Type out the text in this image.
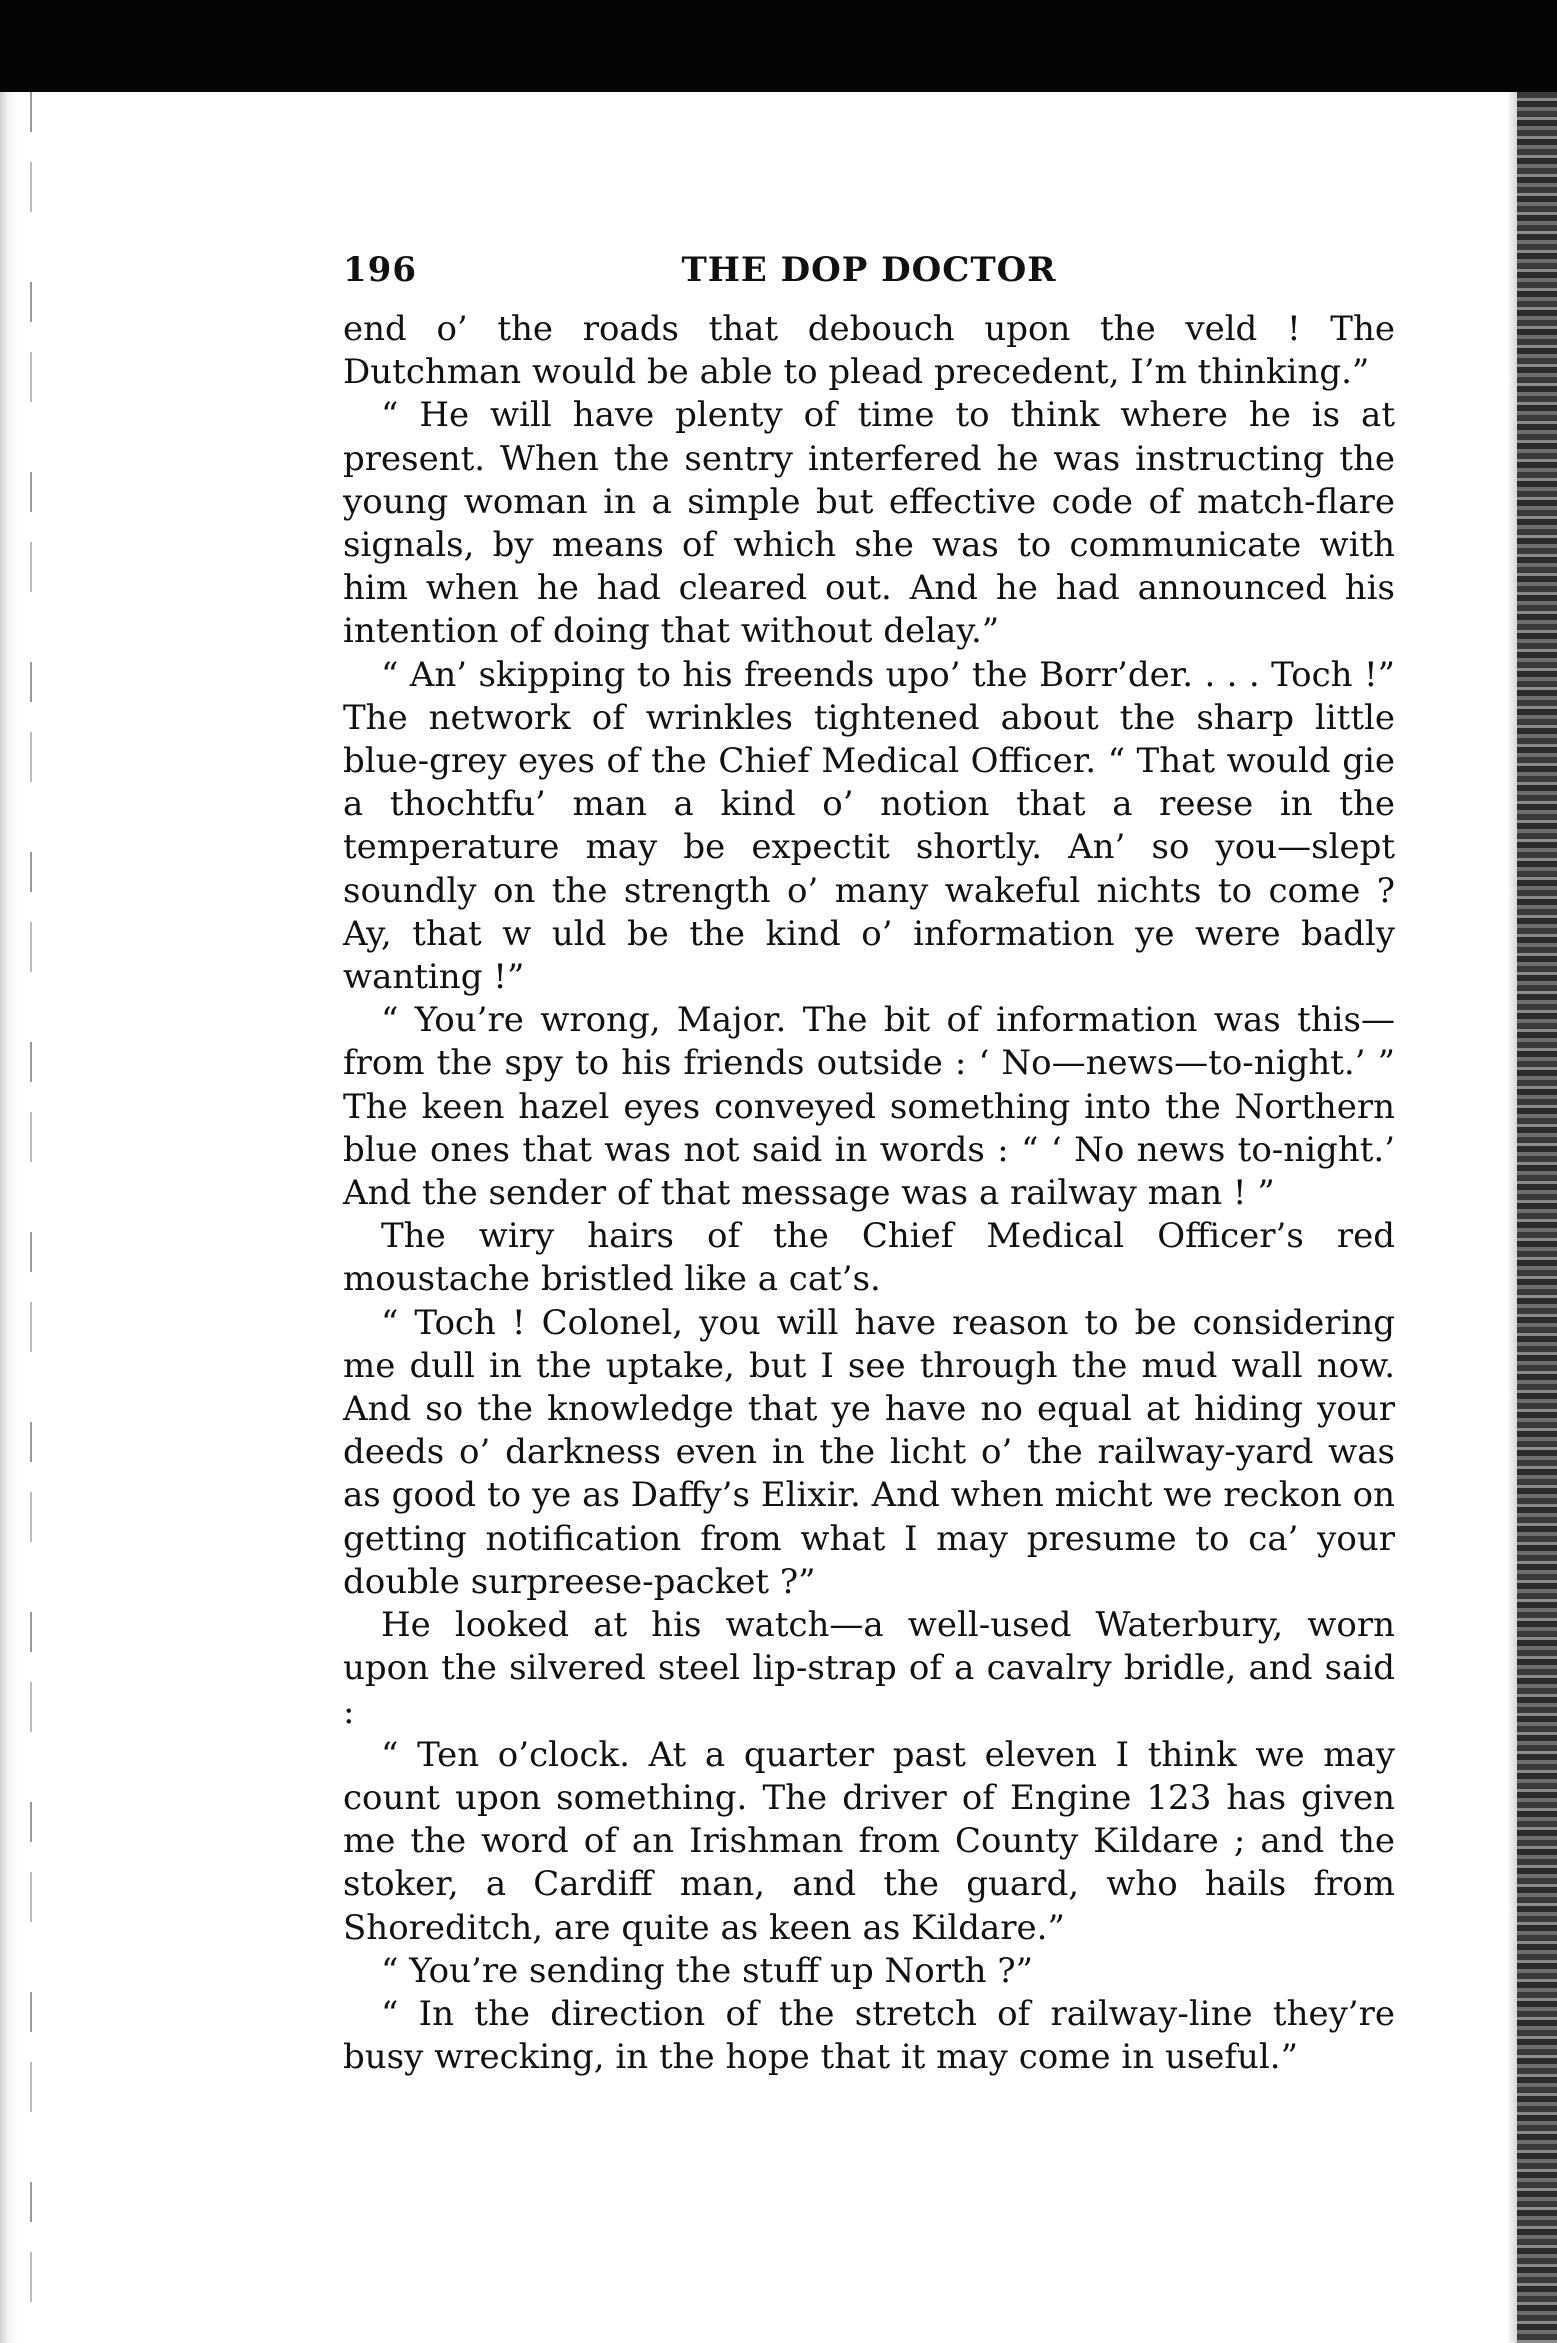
196	THE DOP DOCTOR

end o’ the roads that debouch upon the veld ! The Dutchman would be able to plead precedent, I’m thinking.”

“ He will have plenty of time to think where he is at present. When the sentry interfered he was instructing the young woman in a simple but effective code of match-flare signals, by means of which she was to communicate with him when he had cleared out. And he had announced his intention of doing that without delay.”

“ An’ skipping to his freends upo’ the Borr’der. . . . Toch !” The network of wrinkles tightened about the sharp little blue-grey eyes of the Chief Medical Officer. “ That would gie a thochtfu’ man a kind o’ notion that a reese in the temperature may be expectit shortly. An’ so you—slept soundly on the strength o’ many wakeful nichts to come ? Ay, that w uld be the kind o’ information ye were badly wanting !”

“ You’re wrong, Major. The bit of information was this—from the spy to his friends outside : ‘ No—news—to-night.’ ” The keen hazel eyes conveyed something into the Northern blue ones that was not said in words : “ ‘ No news to-night.’ And the sender of that message was a railway man ! ”

The wiry hairs of the Chief Medical Officer’s red moustache bristled like a cat’s.

“ Toch ! Colonel, you will have reason to be considering me dull in the uptake, but I see through the mud wall now. And so the knowledge that ye have no equal at hiding your deeds o’ darkness even in the licht o’ the railway-yard was as good to ye as Daffy’s Elixir. And when micht we reckon on getting notification from what I may presume to ca’ your double surpreese-packet ?”

He looked at his watch—a well-used Waterbury, worn upon the silvered steel lip-strap of a cavalry bridle, and said :

“ Ten o’clock. At a quarter past eleven I think we may count upon something. The driver of Engine 123 has given me the word of an Irishman from County Kildare ; and the stoker, a Cardiff man, and the guard, who hails from Shoreditch, are quite as keen as Kildare.”

“ You’re sending the stuff up North ?”

“ In the direction of the stretch of railway-line they’re busy wrecking, in the hope that it may come in useful.”
